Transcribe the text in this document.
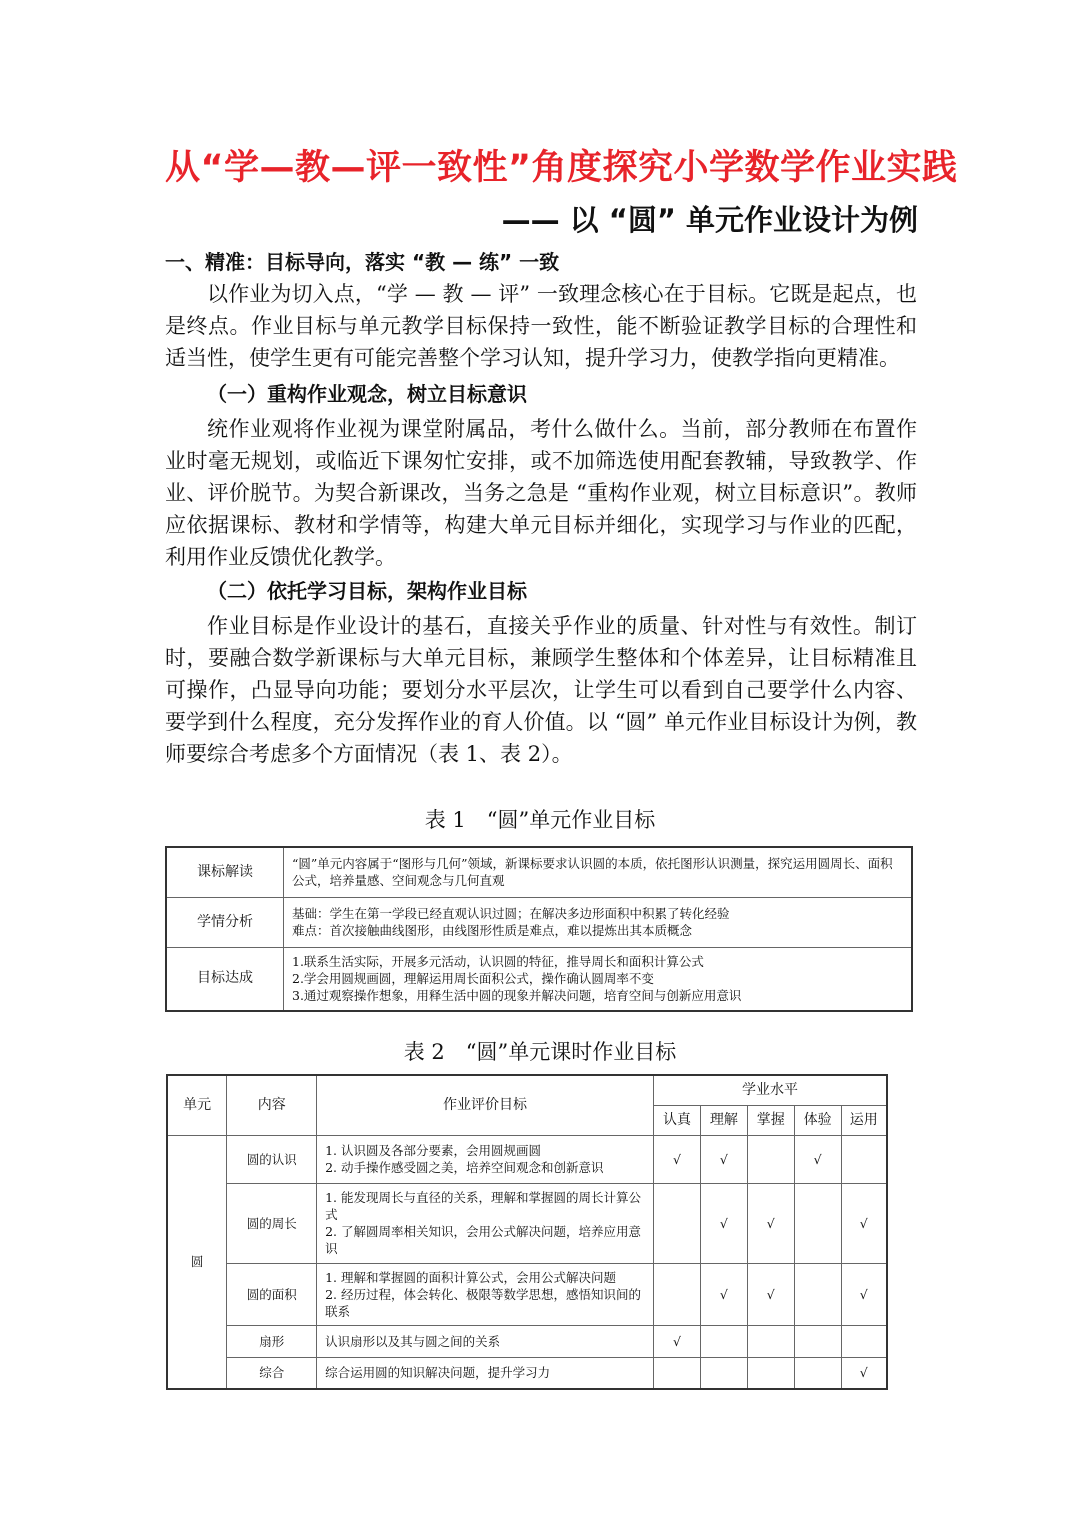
从“学—教—评一致性”角度探究小学数学作业实践
—— 以 “圆” 单元作业设计为例

一、精准：目标导向，落实 “教 — 练” 一致

以作业为切入点，“学 — 教 — 评” 一致理念核心在于目标。它既是起点，也是终点。作业目标与单元教学目标保持一致性，能不断验证教学目标的合理性和适当性，使学生更有可能完善整个学习认知，提升学习力，使教学指向更精准。

（一）重构作业观念，树立目标意识

统作业观将作业视为课堂附属品，考什么做什么。当前，部分教师在布置作业时毫无规划，或临近下课匆忙安排，或不加筛选使用配套教辅，导致教学、作业、评价脱节。为契合新课改，当务之急是 “重构作业观，树立目标意识”。教师应依据课标、教材和学情等，构建大单元目标并细化，实现学习与作业的匹配，利用作业反馈优化教学。

（二）依托学习目标，架构作业目标

作业目标是作业设计的基石，直接关乎作业的质量、针对性与有效性。制订时，要融合数学新课标与大单元目标，兼顾学生整体和个体差异，让目标精准且可操作，凸显导向功能；要划分水平层次，让学生可以看到自己要学什么内容、要学到什么程度，充分发挥作业的育人价值。以 “圆” 单元作业目标设计为例，教师要综合考虑多个方面情况（表 1、表 2）。

表 1　“圆”单元作业目标
课标解读	“圆”单元内容属于“图形与几何”领域，新课标要求认识圆的本质，依托图形认识测量，探究运用圆周长、面积公式，培养量感、空间观念与几何直观

学情分析	基础：学生在第一学段已经直观认识过圆；在解决多边形面积中积累了转化经验
难点：首次接触曲线图形，由线图形性质是难点，难以提炼出其本质概念

目标达成	1.联系生活实际，开展多元活动，认识圆的特征，推导周长和面积计算公式
2.学会用圆规画圆，理解运用周长面积公式，操作确认圆周率不变
3.通过观察操作想象，用释生活中圆的现象并解决问题，培育空间与创新应用意识
表 2　“圆”单元课时作业目标
单元	内容	作业评价目标	学业水平				
			认真	理解	掌握	体验	运用
圆	圆的认识	1. 认识圆及各部分要素，会用圆规画圆
2. 动手操作感受圆之美，培养空间观念和创新意识	√	√		√	
	圆的周长	1. 能发现周长与直径的关系，理解和掌握圆的周长计算公式
2. 了解圆周率相关知识，会用公式解决问题，培养应用意识		√	√		√
	圆的面积	1. 理解和掌握圆的面积计算公式，会用公式解决问题
2. 经历过程，体会转化、极限等数学思想，感悟知识间的联系		√	√		√
	扇形	认识扇形以及其与圆之间的关系	√				
	综合	综合运用圆的知识解决问题，提升学习力					√
